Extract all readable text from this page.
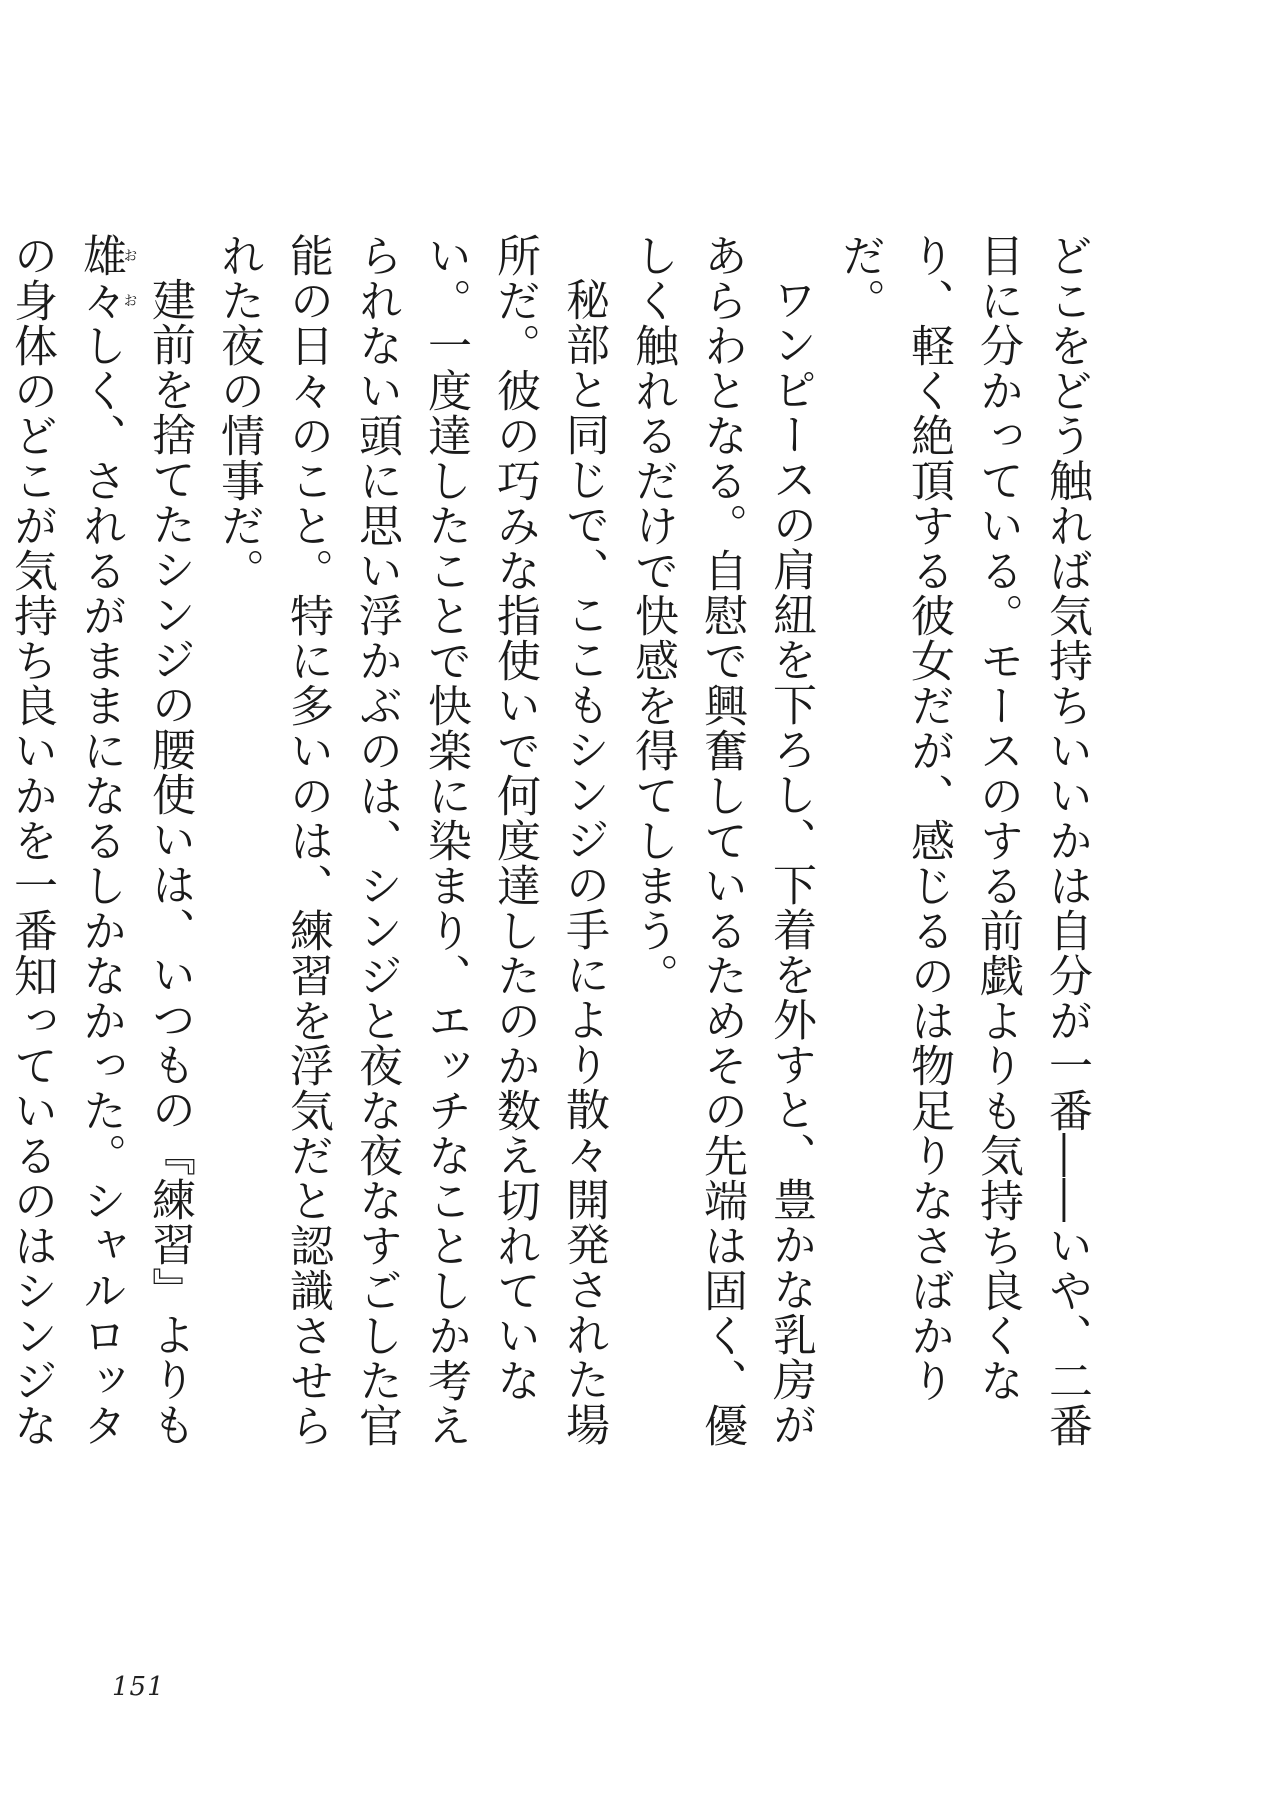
どこをどう触れば気持ちいいかは自分が一番――いや、二番目に分かっている。モースのする前戯よりも気持ち良くなり、軽く絶頂する彼女だが、感じるのは物足りなさばかりだ。

ワンピースの肩紐を下ろし、下着を外すと、豊かな乳房があらわとなる。自慰で興奮しているためその先端は固く、優しく触れるだけで快感を得てしまう。

秘部と同じで、ここもシンジの手により散々開発された場所だ。彼の巧みな指使いで何度達したのか数え切れていない。一度達したことで快楽に染まり、エッチなことしか考えられない頭に思い浮かぶのは、シンジと夜な夜なすごした官能の日々のこと。特に多いのは、練習を浮気だと認識させられた夜の情事だ。

建前を捨てたシンジの腰使いは、いつもの『練習』よりも雄お々おしく、されるがままになるしかなかった。シャルロッタの身体のどこが気持ち良いかを一番知っているのはシンジな

151
